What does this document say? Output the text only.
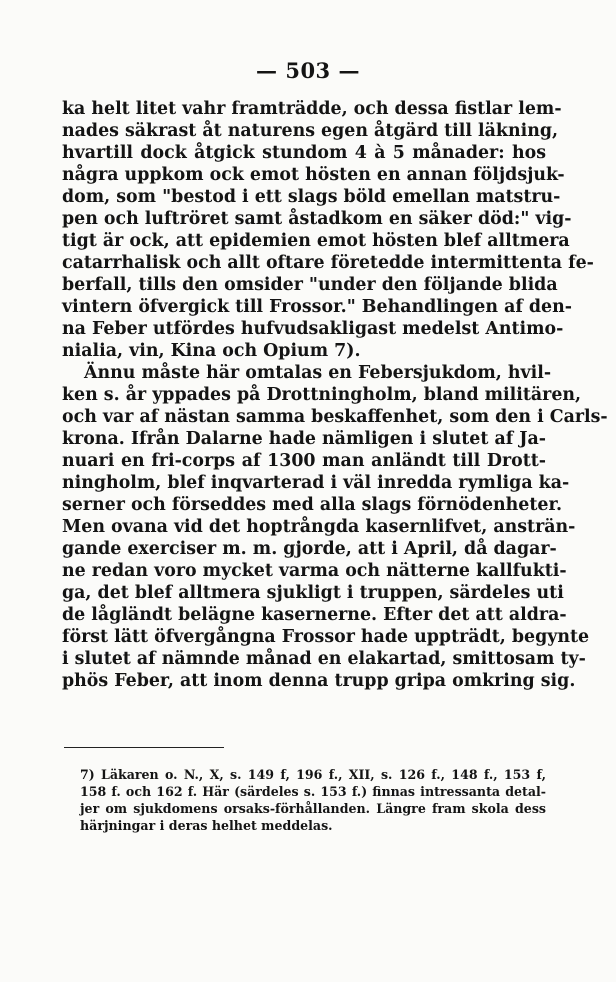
— 503 —
ka helt litet vahr framträdde, och dessa fistlar lem-
nades säkrast åt naturens egen åtgärd till läkning,
hvartill dock åtgick stundom 4 à 5 månader: hos
några uppkom ock emot hösten en annan följdsjuk-
dom, som "bestod i ett slags böld emellan matstru-
pen och luftröret samt åstadkom en säker död:" vig-
tigt är ock, att epidemien emot hösten blef alltmera
catarrhalisk och allt oftare företedde intermittenta fe-
berfall, tills den omsider "under den följande blida
vintern öfvergick till Frossor." Behandlingen af den-
na Feber utfördes hufvudsakligast medelst Antimo-
nialia, vin, Kina och Opium 7).
Ännu måste här omtalas en Febersjukdom, hvil-
ken s. år yppades på Drottningholm, bland militären,
och var af nästan samma beskaffenhet, som den i Carls-
krona. Ifrån Dalarne hade nämligen i slutet af Ja-
nuari en fri-corps af 1300 man anländt till Drott-
ningholm, blef inqvarterad i väl inredda rymliga ka-
serner och förseddes med alla slags förnödenheter.
Men ovana vid det hoptrångda kasernlifvet, ansträn-
gande exerciser m. m. gjorde, att i April, då dagar-
ne redan voro mycket varma och nätterne kallfukti-
ga, det blef alltmera sjukligt i truppen, särdeles uti
de lågländt belägne kasernerne. Efter det att aldra-
först lätt öfvergångna Frossor hade uppträdt, begynte
i slutet af nämnde månad en elakartad, smittosam ty-
phös Feber, att inom denna trupp gripa omkring sig.
7) Läkaren o. N., X, s. 149 f, 196 f., XII, s. 126 f., 148 f., 153 f,
158 f. och 162 f. Här (särdeles s. 153 f.) finnas intressanta detal-
jer om sjukdomens orsaks-förhållanden. Längre fram skola dess
härjningar i deras helhet meddelas.
